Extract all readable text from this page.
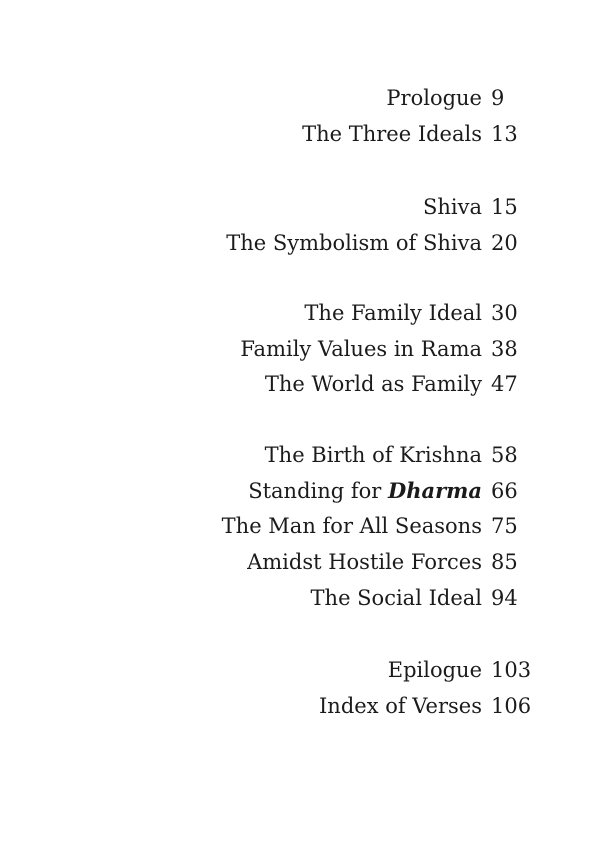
Prologue 9
The Three Ideals 13
Shiva 15
The Symbolism of Shiva 20
The Family Ideal 30
Family Values in Rama 38
The World as Family 47
The Birth of Krishna 58
Standing for Dharma 66
The Man for All Seasons 75
Amidst Hostile Forces 85
The Social Ideal 94
Epilogue 103
Index of Verses 106
